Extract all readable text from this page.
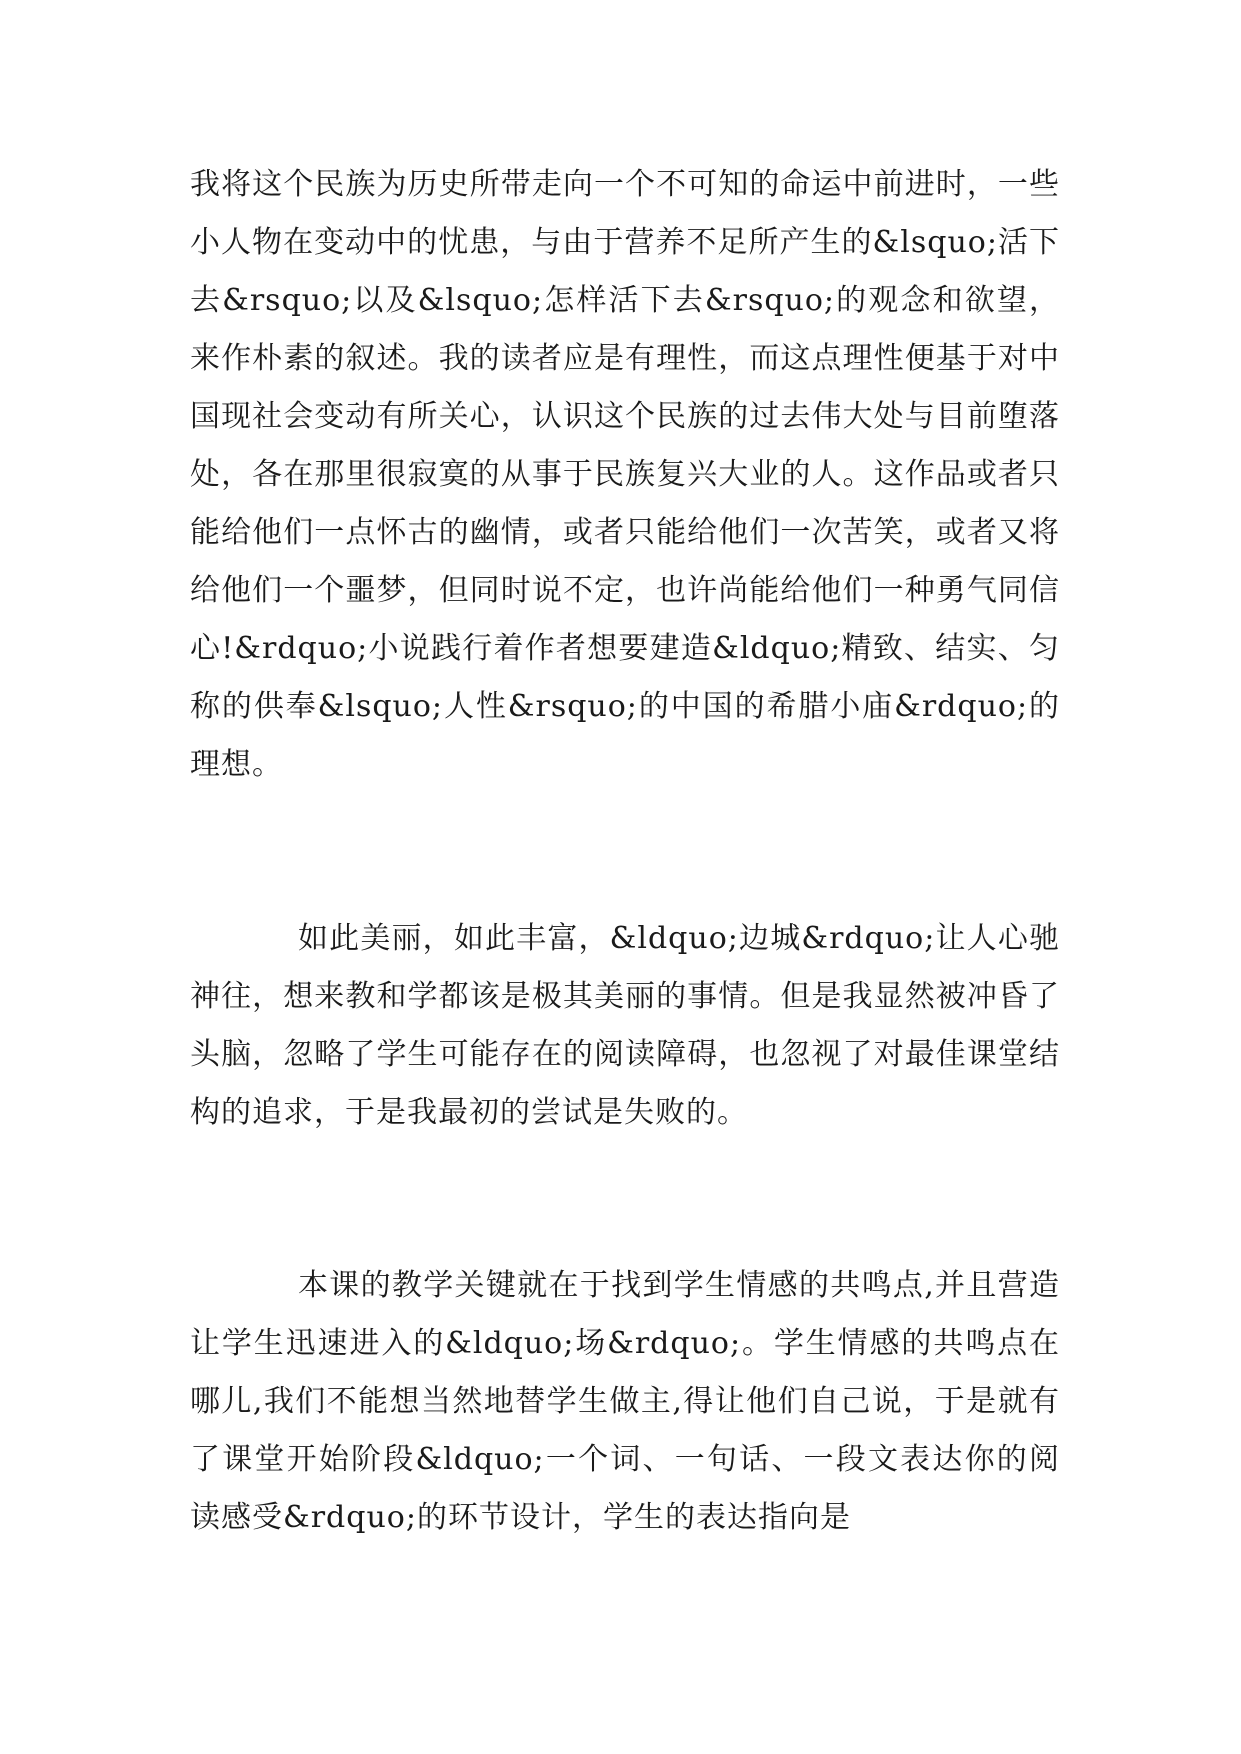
我将这个民族为历史所带走向一个不可知的命运中前进时，一些小人物在变动中的忧患，与由于营养不足所产生的&lsquo;活下去&rsquo;以及&lsquo;怎样活下去&rsquo;的观念和欲望，来作朴素的叙述。我的读者应是有理性，而这点理性便基于对中国现社会变动有所关心，认识这个民族的过去伟大处与目前堕落处，各在那里很寂寞的从事于民族复兴大业的人。这作品或者只能给他们一点怀古的幽情，或者只能给他们一次苦笑，或者又将给他们一个噩梦，但同时说不定，也许尚能给他们一种勇气同信心!&rdquo;小说践行着作者想要建造&ldquo;精致、结实、匀称的供奉&lsquo;人性&rsquo;的中国的希腊小庙&rdquo;的理想。

如此美丽，如此丰富，&ldquo;边城&rdquo;让人心驰神往，想来教和学都该是极其美丽的事情。但是我显然被冲昏了头脑，忽略了学生可能存在的阅读障碍，也忽视了对最佳课堂结构的追求，于是我最初的尝试是失败的。

本课的教学关键就在于找到学生情感的共鸣点,并且营造让学生迅速进入的&ldquo;场&rdquo;。学生情感的共鸣点在哪儿,我们不能想当然地替学生做主,得让他们自己说，于是就有了课堂开始阶段&ldquo;一个词、一句话、一段文表达你的阅读感受&rdquo;的环节设计，学生的表达指向是
